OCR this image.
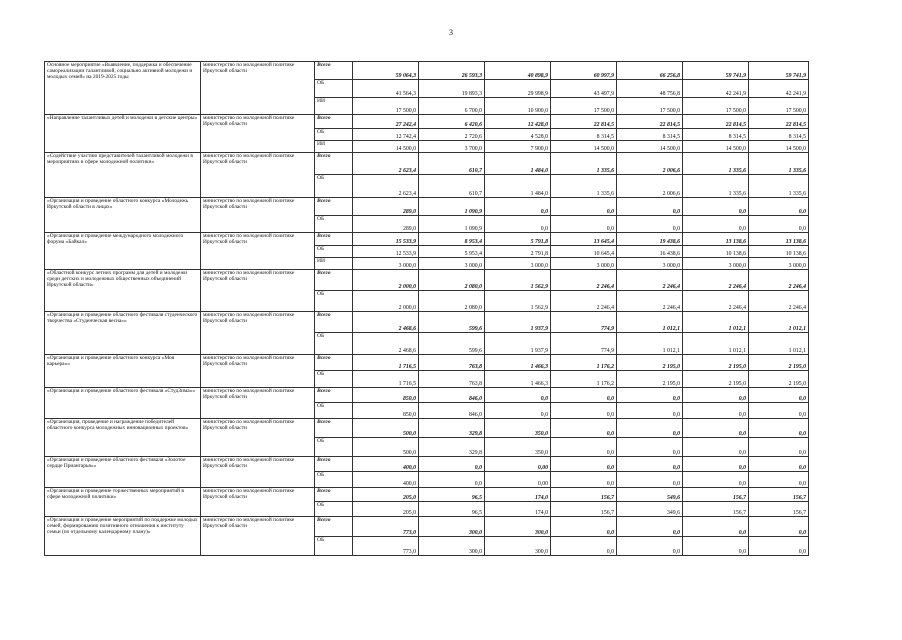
3
Основное мероприятие «Выявление, поддержка и обеспечение самореализации талантливой, социально активной молодежи и молодых семей» на 2019-2025 годы	министерство по молодежной политике Иркутской области	Всего	59 064,3	26 593,3	40 898,9	60 997,9	66 256,8	59 741,9	59 741,9
		ОБ	41 564,3	19 893,3	29 998,9	43 497,9	48 756,8	42 241,9	42 241,9
		ИИ	17 500,0	6 700,0	10 900,0	17 500,0	17 500,0	17 500,0	17 500,0
«Направление талантливых детей и молодежи в детские центры»	министерство по молодежной политике Иркутской области	Всего	27 242,4	6 420,6	12 428,0	22 814,5	22 814,5	22 814,5	22 814,5
		ОБ	12 742,4	2 720,6	4 528,0	8 314,5	8 314,5	8 314,5	8 314,5
		ИИ	14 500,0	3 700,0	7 900,0	14 500,0	14 500,0	14 500,0	14 500,0
«Содействие участию представителей талантливой молодежи в мероприятиях в сфере молодежной политики»	министерство по молодежной политике Иркутской области	Всего	2 623,4	610,7	1 484,0	1 335,6	2 006,6	1 335,6	1 335,6
		ОБ	2 623,4	610,7	1 484,0	1 335,6	2 006,6	1 335,6	1 335,6
«Организация и проведение областного конкурса «Молодежь Иркутской области в лицах»	министерство по молодежной политике Иркутской области	Всего	289,0	1 090,9	0,0	0,0	0,0	0,0	0,0
		ОБ	289,0	1 090,9	0,0	0,0	0,0	0,0	0,0
«Организация и проведение международного молодежного форума «Байкал»	министерство по молодежной политике Иркутской области	Всего	15 533,9	8 953,4	5 791,8	13 645,4	19 438,6	13 138,6	13 138,6
		ОБ	12 533,9	5 953,4	2 791,8	10 645,4	16 438,6	10 138,6	10 138,6
		ИИ	3 000,0	3 000,0	3 000,0	3 000,0	3 000,0	3 000,0	3 000,0
«Областной конкурс летних программ для детей и молодежи среди детских и молодежных общественных объединений Иркутской области»	министерство по молодежной политике Иркутской области	Всего	2 000,0	2 080,0	1 562,9	2 246,4	2 246,4	2 246,4	2 246,4
		ОБ	2 000,0	2 080,0	1 562,9	2 246,4	2 246,4	2 246,4	2 246,4
«Организация и проведение областного фестиваля студенческого творчества «Студенческая весна»»	министерство по молодежной политике Иркутской области	Всего	2 468,6	599,6	1 937,9	774,9	1 012,1	1 012,1	1 012,1
		ОБ	2 468,6	599,6	1 937,9	774,9	1 012,1	1 012,1	1 012,1
«Организация и проведение областного конкурса «Моя карьера»»	министерство по молодежной политике Иркутской области	Всего	1 716,5	763,8	1 466,3	1 176,2	2 195,0	2 195,0	2 195,0
		ОБ	1 716,5	763,8	1 466,3	1 176,2	2 195,0	2 195,0	2 195,0
«Организация и проведение областного фестиваля «СтудЗима»»	министерство по молодежной политике Иркутской области	Всего	850,0	846,0	0,0	0,0	0,0	0,0	0,0
		ОБ	850,0	846,0	0,0	0,0	0,0	0,0	0,0
«Организация, проведение и награждение победителей областного конкурса молодежных инновационных проектов»	министерство по молодежной политике Иркутской области	Всего	500,0	329,8	350,0	0,0	0,0	0,0	0,0
		ОБ	500,0	329,8	350,0	0,0	0,0	0,0	0,0
«Организация и проведение областного фестиваля «Золотое сердце Приангарья»»	министерство по молодежной политике Иркутской области	Всего	400,0	0,0	0,00	0,0	0,0	0,0	0,0
		ОБ	400,0	0,0	0,00	0,0	0,0	0,0	0,0
«Организация и проведение торжественных мероприятий в сфере молодежной политики»	министерство по молодежной политике Иркутской области	Всего	205,0	96,5	174,0	156,7	549,6	156,7	156,7
		ОБ	205,0	96,5	174,0	156,7	349,6	156,7	156,7
«Организация и проведение мероприятий по поддержке молодых семей, формированию позитивного отношения к институту семьи (по отдельному календарному плану)»	министерство по молодежной политике Иркутской области	Всего	773,0	300,0	300,0	0,0	0,0	0,0	0,0
		ОБ	773,0	300,0	300,0	0,0	0,0	0,0	0,0
